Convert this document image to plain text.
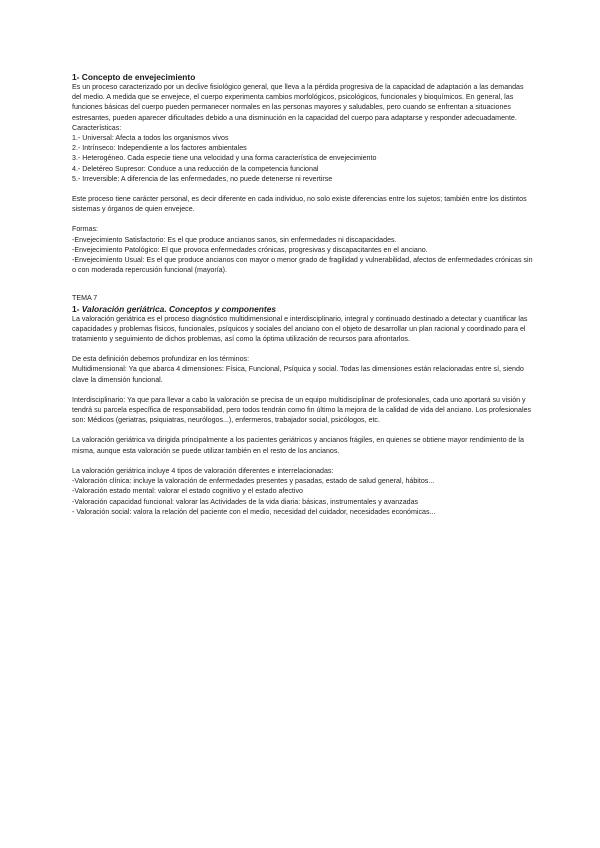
1- Concepto de envejecimiento
Es un proceso caracterizado por un declive fisiológico general, que lleva a la pérdida progresiva de la capacidad de adaptación a las demandas del medio. A medida que se envejece, el cuerpo experimenta cambios morfológicos, psicológicos, funcionales y bioquímicos. En general, las funciones básicas del cuerpo pueden permanecer normales en las personas mayores y saludables, pero cuando se enfrentan a situaciones estresantes, pueden aparecer dificultades debido a una disminución en la capacidad del cuerpo para adaptarse y responder adecuadamente.
Características:
1.- Universal: Afecta a todos los organismos vivos
2.- Intrínseco: Independiente a los factores ambientales
3.- Heterogéneo. Cada especie tiene una velocidad y una forma característica de envejecimiento
4.- Deletéreo Supresor: Conduce a una reducción de la competencia funcional
5.- Irreversible: A diferencia de las enfermedades, no puede detenerse ni revertirse
Este proceso tiene carácter personal, es decir diferente en cada individuo, no solo existe diferencias entre los sujetos; también entre los distintos sistemas y órganos de quien envejece.
Formas:
-Envejecimiento Satisfactorio: Es el que produce ancianos sanos, sin enfermedades ni discapacidades.
-Envejecimiento Patológico: El que provoca enfermedades crónicas, progresivas y discapacitantes en el anciano.
-Envejecimiento Usual: Es el que produce ancianos con mayor o menor grado de fragilidad y vulnerabilidad, afectos de enfermedades crónicas sin o con moderada repercusión funcional (mayoría).
TEMA 7
1- Valoración geriátrica. Conceptos y componentes
La valoración geriátrica es el proceso diagnóstico multidimensional e interdisciplinario, integral y continuado destinado a detectar y cuantificar las capacidades y problemas físicos, funcionales, psíquicos y sociales del anciano con el objeto de desarrollar un plan racional y coordinado para el tratamiento y seguimiento de dichos problemas, así como la óptima utilización de recursos para afrontarlos.
De esta definición debemos profundizar en los términos:
Multidimensional: Ya que abarca 4 dimensiones: Física, Funcional, Psíquica y social. Todas las dimensiones están relacionadas entre sí, siendo clave la dimensión funcional.
Interdisciplinario: Ya que para llevar a cabo la valoración se precisa de un equipo multidisciplinar de profesionales, cada uno aportará su visión y tendrá su parcela específica de responsabilidad, pero todos tendrán como fin último la mejora de la calidad de vida del anciano. Los profesionales son: Médicos (geriatras, psiquiatras, neurólogos...), enfermeros, trabajador social, psicólogos, etc.
La valoración geriátrica va dirigida principalmente a los pacientes geriátricos y ancianos frágiles, en quienes se obtiene mayor rendimiento de la misma, aunque esta valoración se puede utilizar también en el resto de los ancianos.
La valoración geriátrica incluye 4 tipos de valoración diferentes e interrelacionadas:
-Valoración clínica: incluye la valoración de enfermedades presentes y pasadas, estado de salud general, hábitos...
-Valoración estado mental: valorar el estado cognitivo y el estado afectivo
-Valoración capacidad funcional: valorar las Actividades de la vida diaria: básicas, instrumentales y avanzadas
- Valoración social: valora la relación del paciente con el medio, necesidad del cuidador, necesidades económicas...
